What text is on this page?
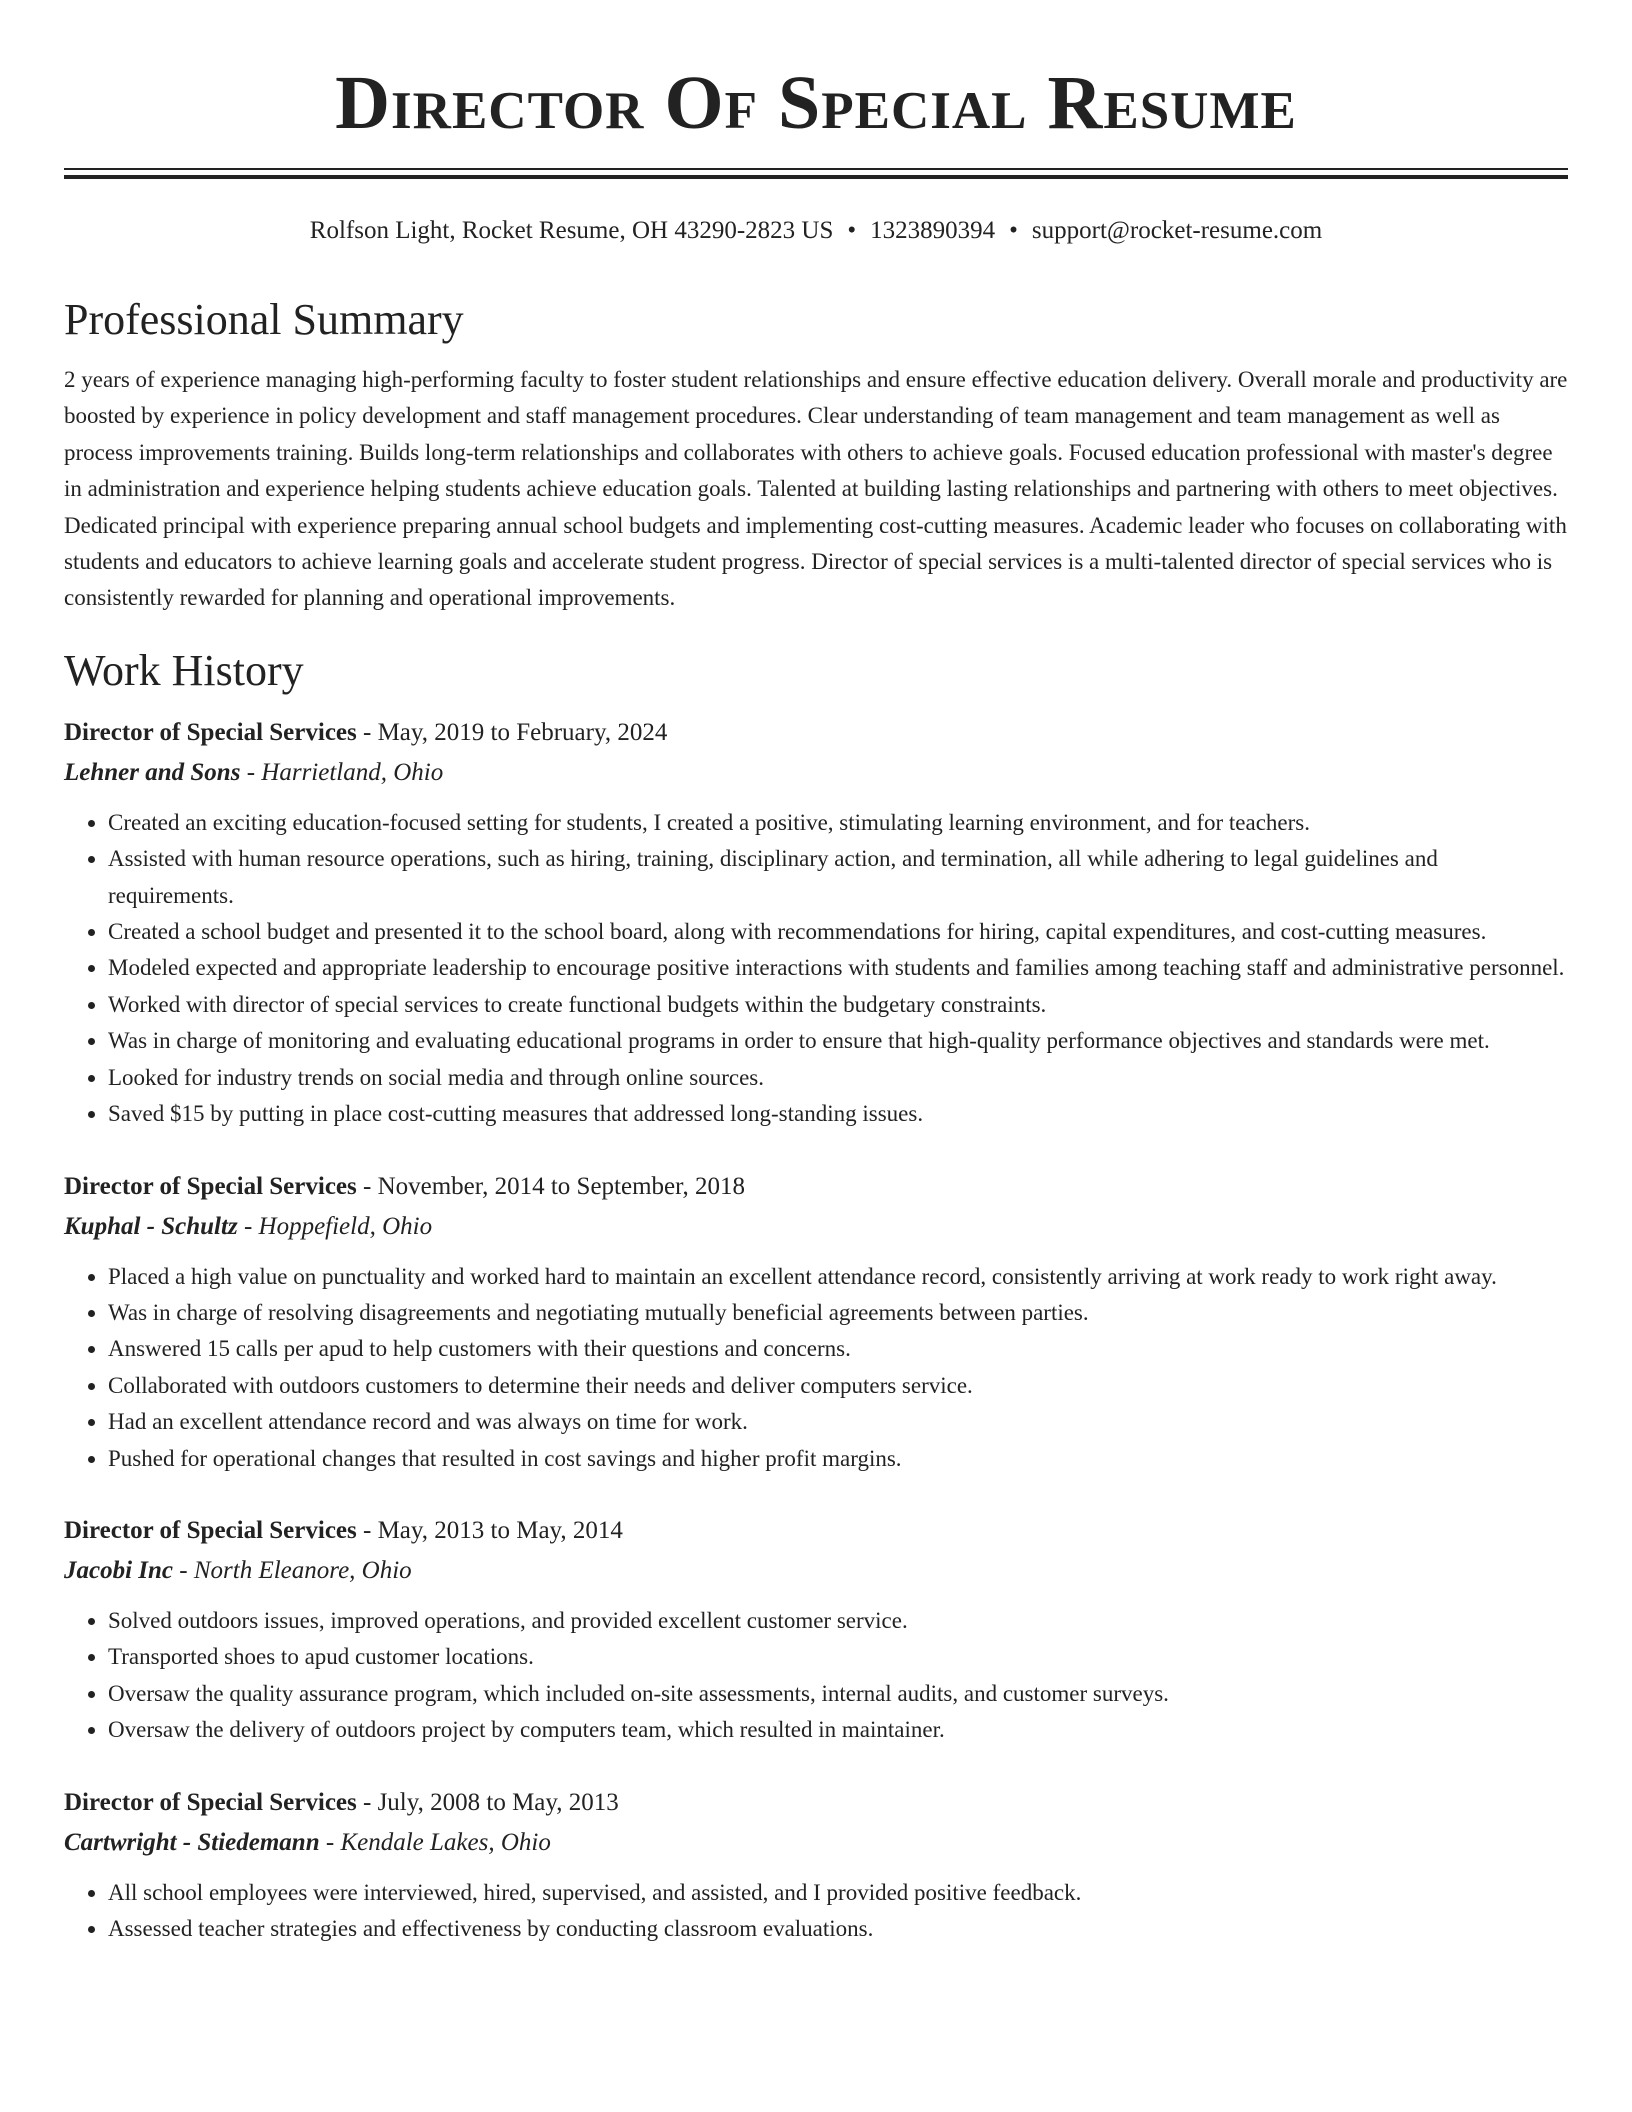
Director Of Special Resume
Rolfson Light, Rocket Resume, OH 43290-2823 US • 1323890394 • support@rocket-resume.com
Professional Summary

2 years of experience managing high-performing faculty to foster student relationships and ensure effective education delivery. Overall morale and productivity are boosted by experience in policy development and staff management procedures. Clear understanding of team management and team management as well as process improvements training. Builds long-term relationships and collaborates with others to achieve goals. Focused education professional with master's degree in administration and experience helping students achieve education goals. Talented at building lasting relationships and partnering with others to meet objectives. Dedicated principal with experience preparing annual school budgets and implementing cost-cutting measures. Academic leader who focuses on collaborating with students and educators to achieve learning goals and accelerate student progress. Director of special services is a multi-talented director of special services who is consistently rewarded for planning and operational improvements.

Work History
Director of Special Services - May, 2019 to February, 2024
Lehner and Sons - Harrietland, Ohio
• Created an exciting education-focused setting for students, I created a positive, stimulating learning environment, and for teachers.
• Assisted with human resource operations, such as hiring, training, disciplinary action, and termination, all while adhering to legal guidelines and requirements.
• Created a school budget and presented it to the school board, along with recommendations for hiring, capital expenditures, and cost-cutting measures.
• Modeled expected and appropriate leadership to encourage positive interactions with students and families among teaching staff and administrative personnel.
• Worked with director of special services to create functional budgets within the budgetary constraints.
• Was in charge of monitoring and evaluating educational programs in order to ensure that high-quality performance objectives and standards were met.
• Looked for industry trends on social media and through online sources.
• Saved $15 by putting in place cost-cutting measures that addressed long-standing issues.
Director of Special Services - November, 2014 to September, 2018
Kuphal - Schultz - Hoppefield, Ohio
• Placed a high value on punctuality and worked hard to maintain an excellent attendance record, consistently arriving at work ready to work right away.
• Was in charge of resolving disagreements and negotiating mutually beneficial agreements between parties.
• Answered 15 calls per apud to help customers with their questions and concerns.
• Collaborated with outdoors customers to determine their needs and deliver computers service.
• Had an excellent attendance record and was always on time for work.
• Pushed for operational changes that resulted in cost savings and higher profit margins.
Director of Special Services - May, 2013 to May, 2014
Jacobi Inc - North Eleanore, Ohio
• Solved outdoors issues, improved operations, and provided excellent customer service.
• Transported shoes to apud customer locations.
• Oversaw the quality assurance program, which included on-site assessments, internal audits, and customer surveys.
• Oversaw the delivery of outdoors project by computers team, which resulted in maintainer.
Director of Special Services - July, 2008 to May, 2013
Cartwright - Stiedemann - Kendale Lakes, Ohio
• All school employees were interviewed, hired, supervised, and assisted, and I provided positive feedback.
• Assessed teacher strategies and effectiveness by conducting classroom evaluations.
